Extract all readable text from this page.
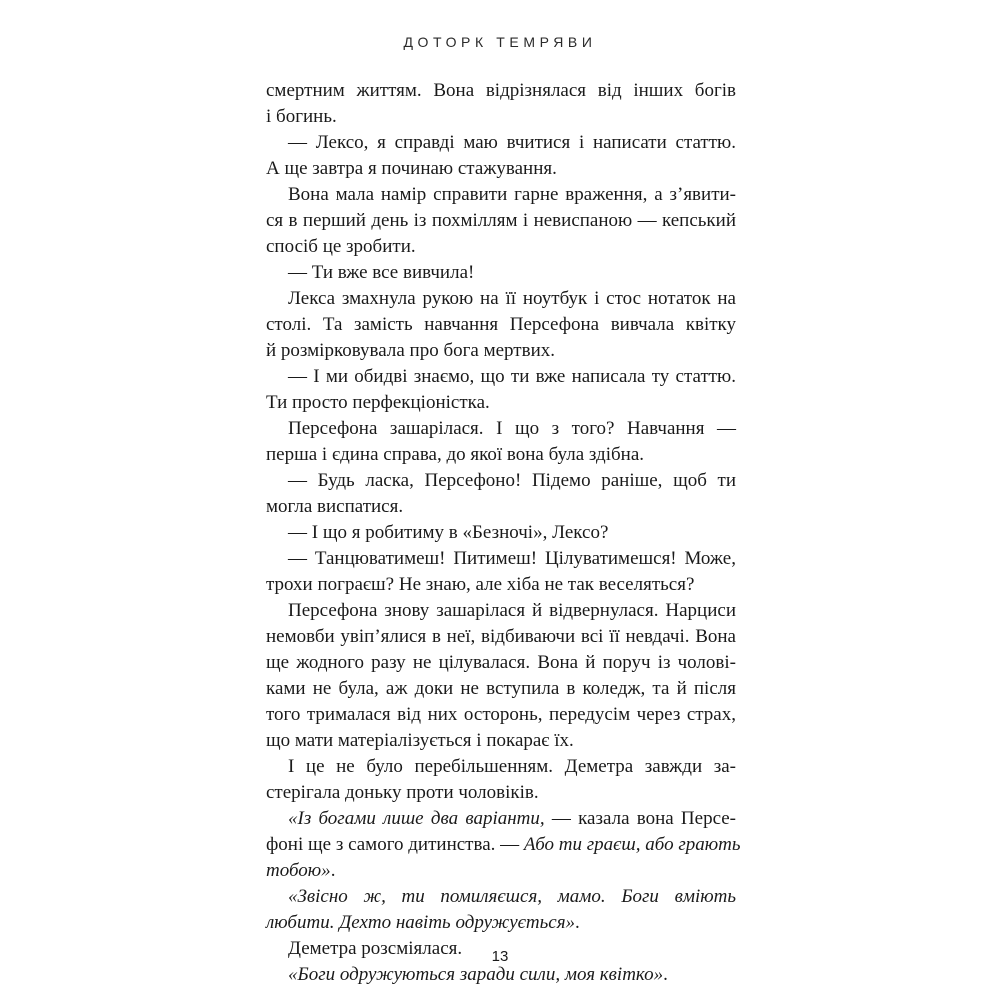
ДОТОРК ТЕМРЯВИ
смертним життям. Вона відрізнялася від інших богів
і богинь.
— Лексо, я справді маю вчитися і написати статтю.
А ще завтра я починаю стажування.
Вона мала намір справити гарне враження, а з’явити-
ся в перший день із похміллям і невиспаною — кепський
спосіб це зробити.
— Ти вже все вивчила!
Лекса змахнула рукою на її ноутбук і стос нотаток на
столі. Та замість навчання Персефона вивчала квітку
й розмірковувала про бога мертвих.
— І ми обидві знаємо, що ти вже написала ту статтю.
Ти просто перфекціоністка.
Персефона зашарілася. І що з того? Навчання —
перша і єдина справа, до якої вона була здібна.
— Будь ласка, Персефоно! Підемо раніше, щоб ти
могла виспатися.
— І що я робитиму в «Безночі», Лексо?
— Танцюватимеш! Питимеш! Цілуватимешся! Може,
трохи пограєш? Не знаю, але хіба не так веселяться?
Персефона знову зашарілася й відвернулася. Нарциси
немовби увіп’ялися в неї, відбиваючи всі її невдачі. Вона
ще жодного разу не цілувалася. Вона й поруч із чолові-
ками не була, аж доки не вступила в коледж, та й після
того трималася від них осторонь, передусім через страх,
що мати матеріалізується і покарає їх.
І це не було перебільшенням. Деметра завжди за-
стерігала доньку проти чоловіків.
«Із богами лише два варіанти, — казала вона Персе-
фоні ще з самого дитинства. — Або ти граєш, або грають
тобою».
«Звісно ж, ти помиляєшся, мамо. Боги вміють
любити. Дехто навіть одружується».
Деметра розсміялася.
«Боги одружуються заради сили, моя квітко».
13
